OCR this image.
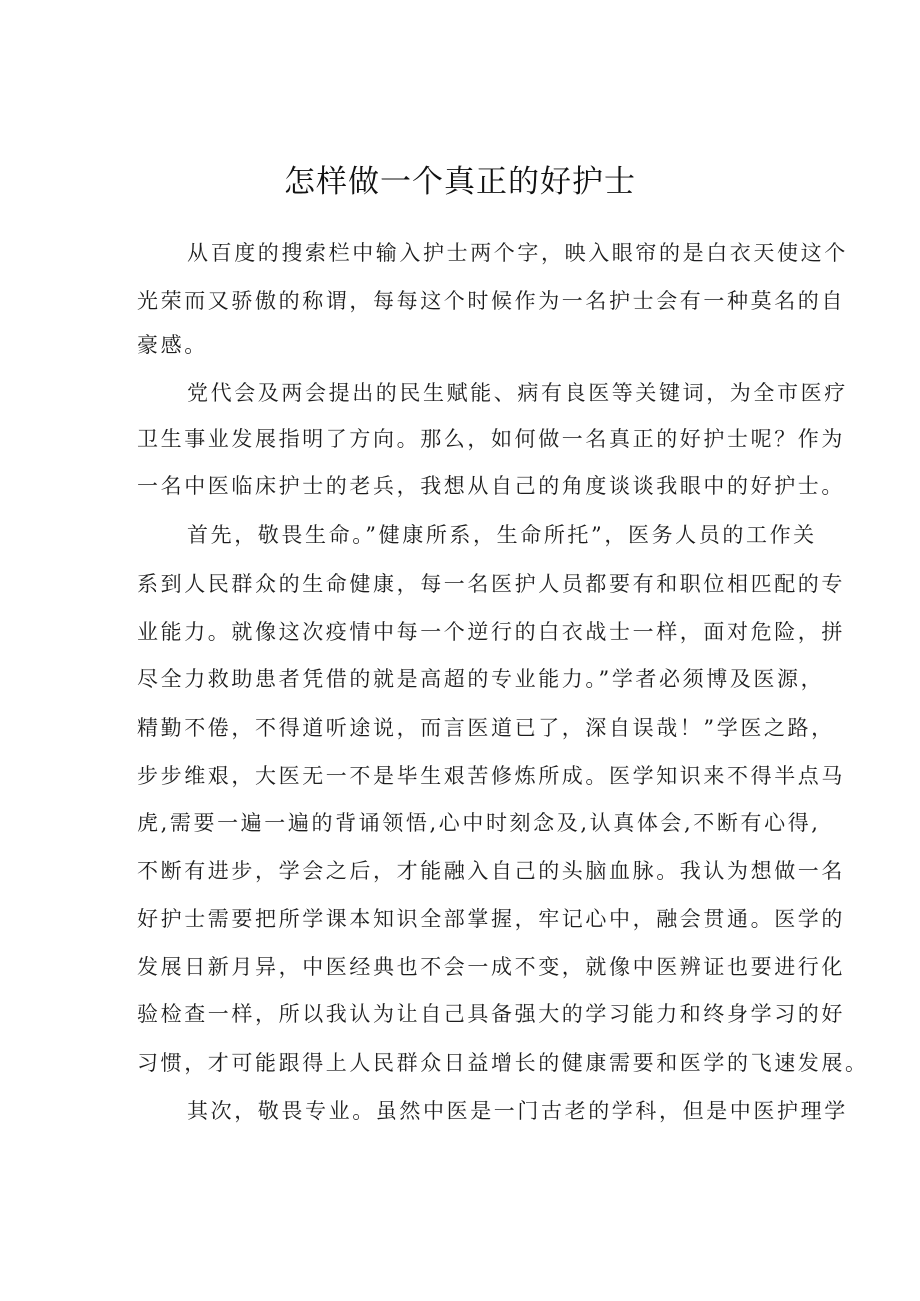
怎样做一个真正的好护士
从百度的搜索栏中输入护士两个字，映入眼帘的是白衣天使这个
光荣而又骄傲的称谓，每每这个时候作为一名护士会有一种莫名的自
豪感。
党代会及两会提出的民生赋能、病有良医等关键词，为全市医疗
卫生事业发展指明了方向。那么，如何做一名真正的好护士呢？作为
一名中医临床护士的老兵，我想从自己的角度谈谈我眼中的好护士。
首先，敬畏生命。”健康所系，生命所托”，医务人员的工作关
系到人民群众的生命健康，每一名医护人员都要有和职位相匹配的专
业能力。就像这次疫情中每一个逆行的白衣战士一样，面对危险，拼
尽全力救助患者凭借的就是高超的专业能力。”学者必须博及医源，
精勤不倦，不得道听途说，而言医道已了，深自误哉！”学医之路，
步步维艰，大医无一不是毕生艰苦修炼所成。医学知识来不得半点马
虎,需要一遍一遍的背诵领悟,心中时刻念及,认真体会,不断有心得,
不断有进步，学会之后，才能融入自己的头脑血脉。我认为想做一名
好护士需要把所学课本知识全部掌握，牢记心中，融会贯通。医学的
发展日新月异，中医经典也不会一成不变，就像中医辨证也要进行化
验检查一样，所以我认为让自己具备强大的学习能力和终身学习的好
习惯，才可能跟得上人民群众日益增长的健康需要和医学的飞速发展。
其次，敬畏专业。虽然中医是一门古老的学科，但是中医护理学
